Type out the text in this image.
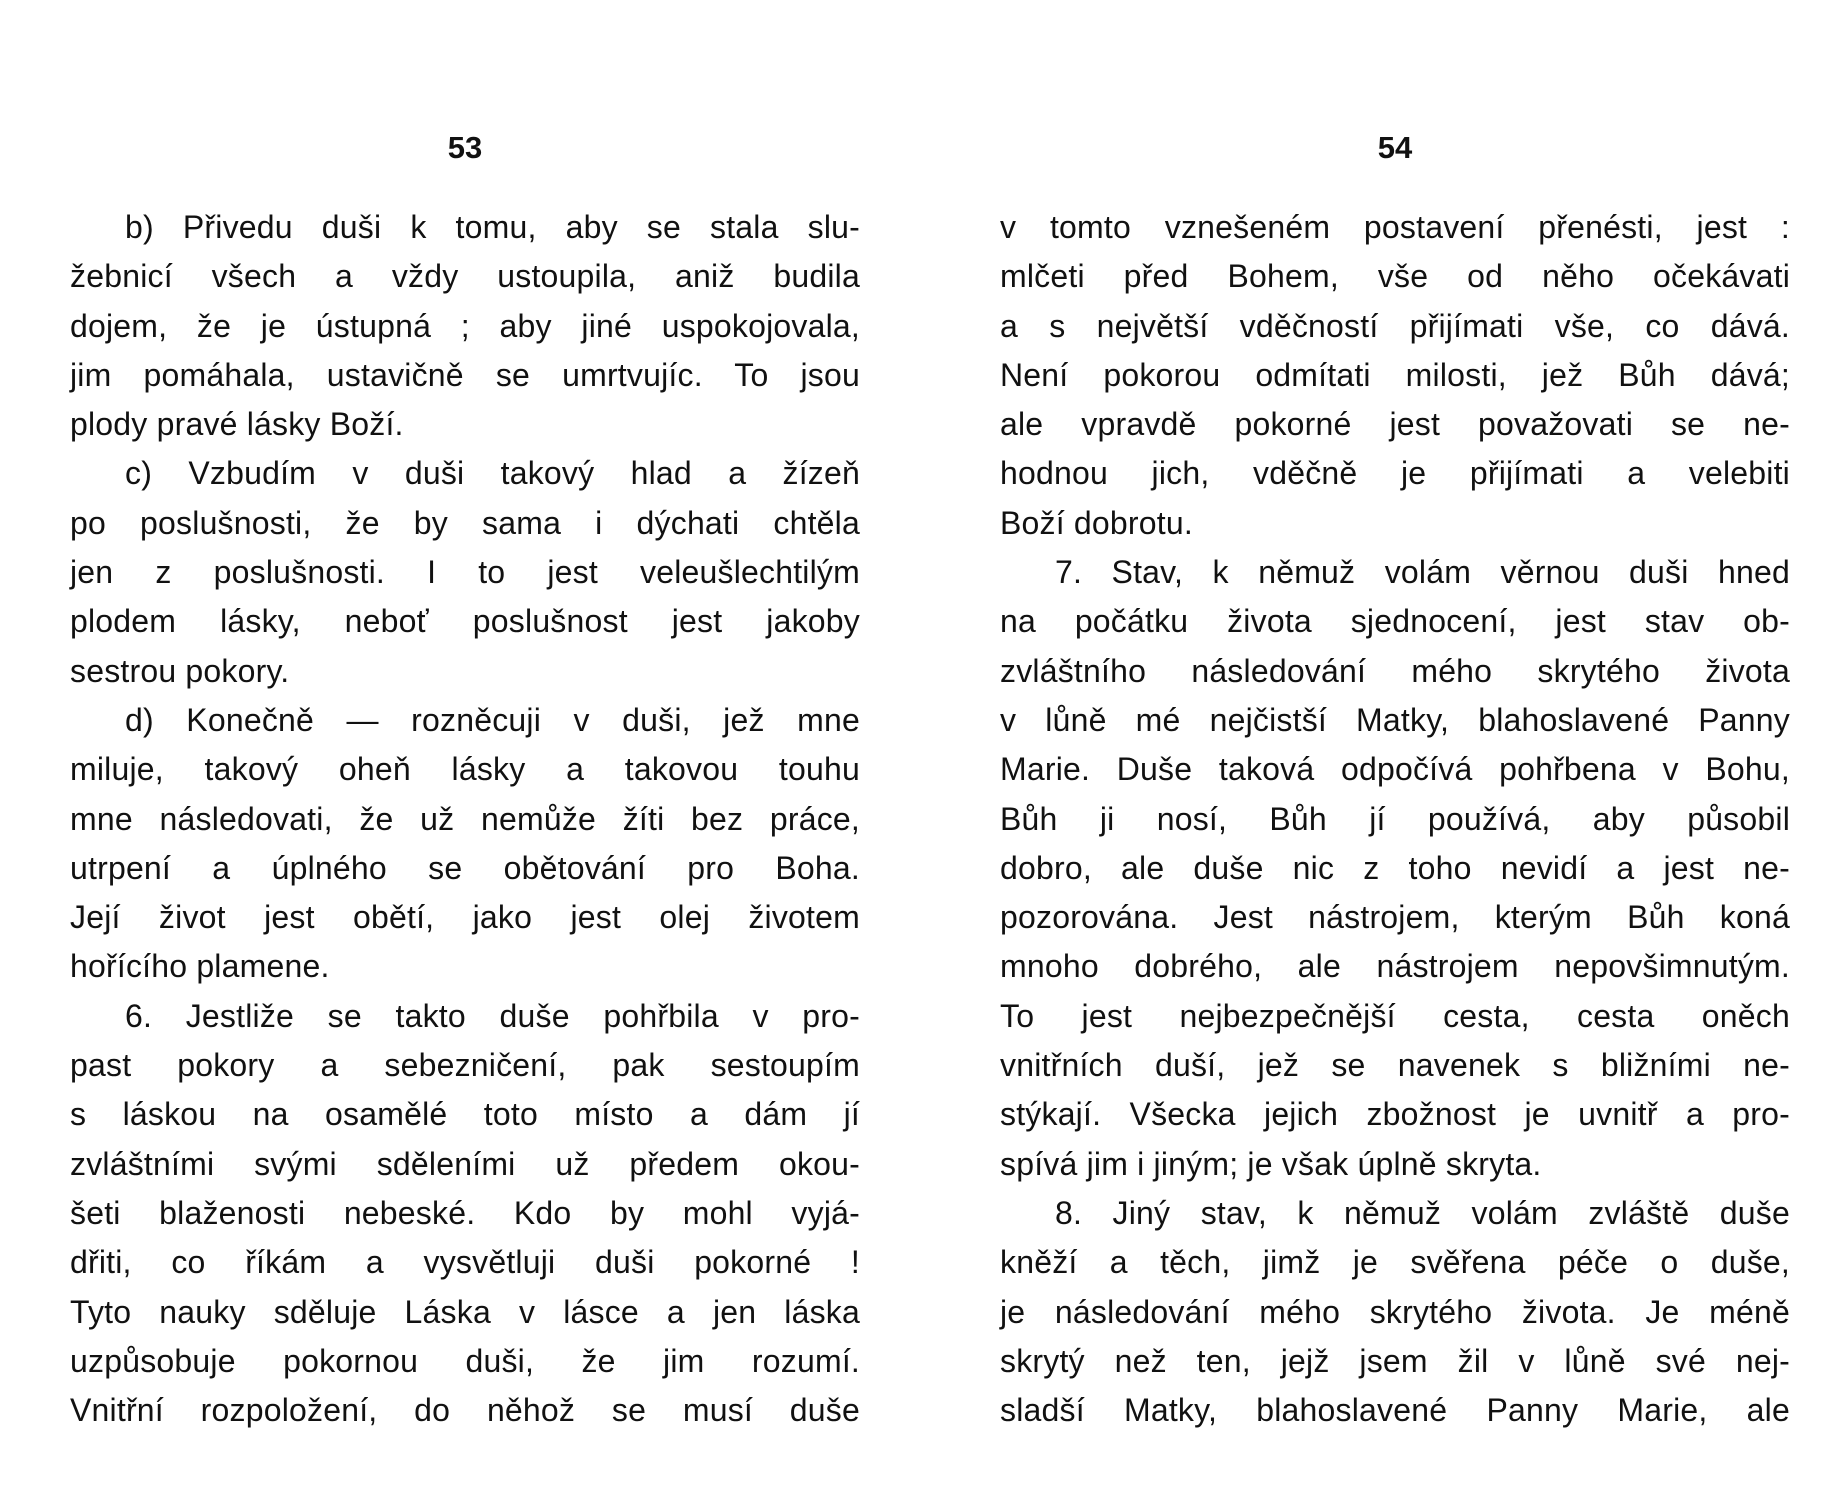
53
b) Přivedu duši k tomu, aby se stala slu-
žebnicí všech a vždy ustoupila, aniž budila
dojem, že je ústupná ; aby jiné uspokojovala,
jim pomáhala, ustavičně se umrtvujíc. To jsou
plody pravé lásky Boží.
c) Vzbudím v duši takový hlad a žízeň
po poslušnosti, že by sama i dýchati chtěla
jen z poslušnosti. I to jest veleušlechtilým
plodem lásky, neboť poslušnost jest jakoby
sestrou pokory.
d) Konečně — rozněcuji v duši, jež mne
miluje, takový oheň lásky a takovou touhu
mne následovati, že už nemůže žíti bez práce,
utrpení a úplného se obětování pro Boha.
Její život jest obětí, jako jest olej životem
hořícího plamene.
6. Jestliže se takto duše pohřbila v pro-
past pokory a sebezničení, pak sestoupím
s láskou na osamělé toto místo a dám jí
zvláštními svými sděleními už předem okou-
šeti blaženosti nebeské. Kdo by mohl vyjá-
dřiti, co říkám a vysvětluji duši pokorné !
Tyto nauky sděluje Láska v lásce a jen láska
uzpůsobuje pokornou duši, že jim rozumí.
Vnitřní rozpoložení, do něhož se musí duše
54
v tomto vznešeném postavení přenésti, jest :
mlčeti před Bohem, vše od něho očekávati
a s největší vděčností přijímati vše, co dává.
Není pokorou odmítati milosti, jež Bůh dává;
ale vpravdě pokorné jest považovati se ne-
hodnou jich, vděčně je přijímati a velebiti
Boží dobrotu.
7. Stav, k němuž volám věrnou duši hned
na počátku života sjednocení, jest stav ob-
zvláštního následování mého skrytého života
v lůně mé nejčistší Matky, blahoslavené Panny
Marie. Duše taková odpočívá pohřbena v Bohu,
Bůh ji nosí, Bůh jí používá, aby působil
dobro, ale duše nic z toho nevidí a jest ne-
pozorována. Jest nástrojem, kterým Bůh koná
mnoho dobrého, ale nástrojem nepovšimnutým.
To jest nejbezpečnější cesta, cesta oněch
vnitřních duší, jež se navenek s bližními ne-
stýkají. Všecka jejich zbožnost je uvnitř a pro-
spívá jim i jiným; je však úplně skryta.
8. Jiný stav, k němuž volám zvláště duše
kněží a těch, jimž je svěřena péče o duše,
je následování mého skrytého života. Je méně
skrytý než ten, jejž jsem žil v lůně své nej-
sladší Matky, blahoslavené Panny Marie, ale
